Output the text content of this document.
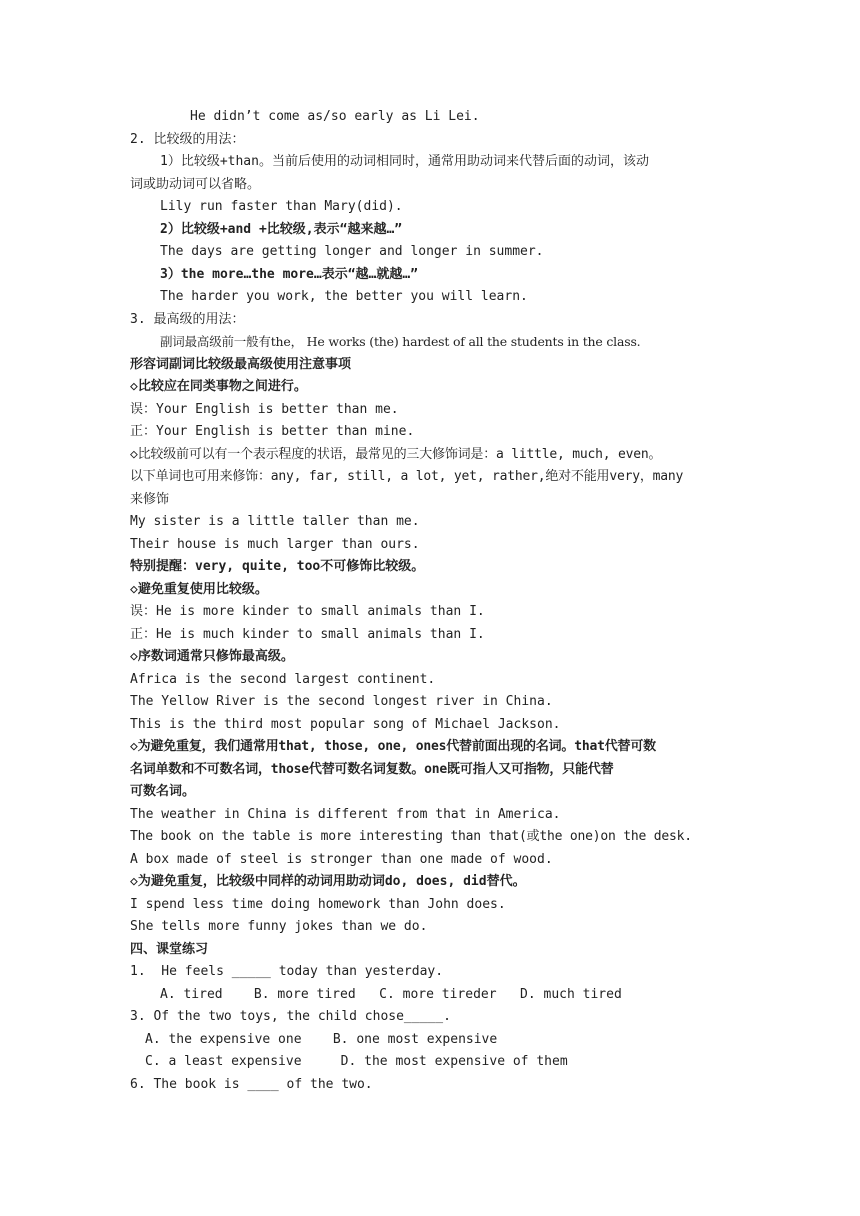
He didn’t come as/so early as Li Lei.
2. 比较级的用法：
1）比较级+than。当前后使用的动词相同时，通常用助动词来代替后面的动词，该动
词或助动词可以省略。
Lily run faster than Mary(did).
2）比较级+and +比较级,表示“越来越…”
The days are getting longer and longer in summer.
3）the more…the more…表示“越…就越…”
The harder you work, the better you will learn.
3. 最高级的用法：
副词最高级前一般有the， He works (the) hardest of all the students in the class.
形容词副词比较级最高级使用注意事项
◇比较应在同类事物之间进行。
误：Your English is better than me.
正：Your English is better than mine.
◇比较级前可以有一个表示程度的状语，最常见的三大修饰词是：a little, much, even。
以下单词也可用来修饰：any, far, still, a lot, yet, rather,绝对不能用very，many
来修饰
My sister is a little taller than me.
Their house is much larger than ours.
特别提醒：very, quite, too不可修饰比较级。
◇避免重复使用比较级。
误：He is more kinder to small animals than I.
正：He is much kinder to small animals than I.
◇序数词通常只修饰最高级。
Africa is the second largest continent.
The Yellow River is the second longest river in China.
This is the third most popular song of Michael Jackson.
◇为避免重复，我们通常用that, those, one, ones代替前面出现的名词。that代替可数
名词单数和不可数名词，those代替可数名词复数。one既可指人又可指物，只能代替
可数名词。
The weather in China is different from that in America.
The book on the table is more interesting than that(或the one)on the desk.
A box made of steel is stronger than one made of wood.
◇为避免重复，比较级中同样的动词用助动词do, does, did替代。
I spend less time doing homework than John does.
She tells more funny jokes than we do.
四、课堂练习
1.  He feels _____ today than yesterday.
A. tired    B. more tired   C. more tireder   D. much tired
3. Of the two toys, the child chose_____.
A. the expensive one    B. one most expensive
C. a least expensive     D. the most expensive of them
6. The book is ____ of the two.
